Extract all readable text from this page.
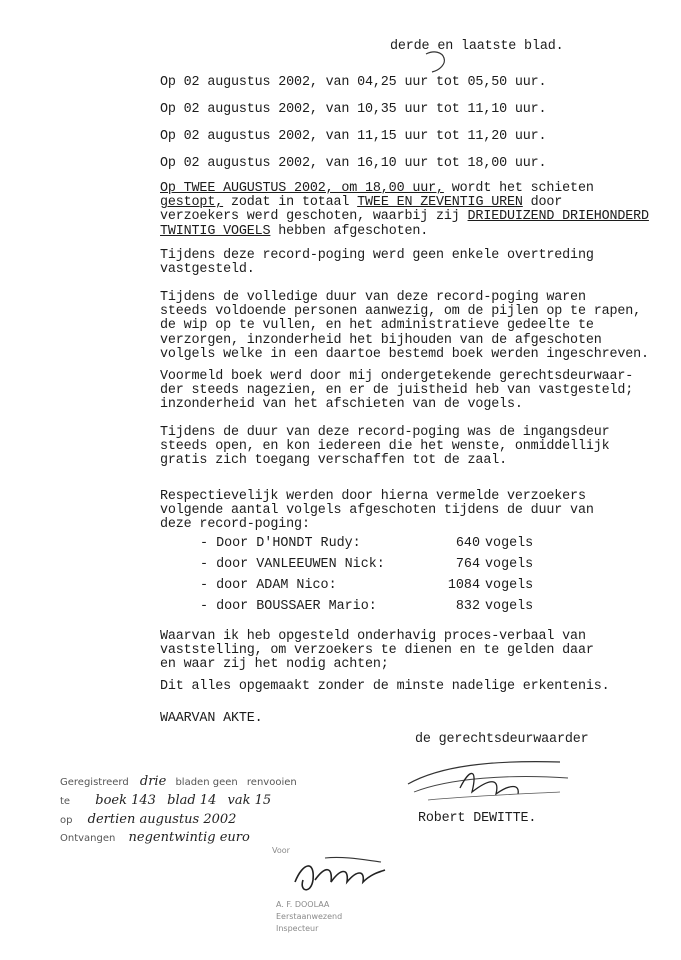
derde en laatste blad.
Op 02 augustus 2002, van 04,25 uur tot 05,50 uur.
Op 02 augustus 2002, van 10,35 uur tot 11,10 uur.
Op 02 augustus 2002, van 11,15 uur tot 11,20 uur.
Op 02 augustus 2002, van 16,10 uur tot 18,00 uur.
Op TWEE AUGUSTUS 2002, om 18,00 uur, wordt het schieten
gestopt, zodat in totaal TWEE EN ZEVENTIG UREN door
verzoekers werd geschoten, waarbij zij DRIEDUIZEND DRIEHONDERD
TWINTIG VOGELS hebben afgeschoten.
Tijdens deze record-poging werd geen enkele overtreding
vastgesteld.
Tijdens de volledige duur van deze record-poging waren
steeds voldoende personen aanwezig, om de pijlen op te rapen,
de wip op te vullen, en het administratieve gedeelte te
verzorgen, inzonderheid het bijhouden van de afgeschoten
volgels welke in een daartoe bestemd boek werden ingeschreven.
Voormeld boek werd door mij ondergetekende gerechtsdeurwaar-
der steeds nagezien, en er de juistheid heb van vastgesteld;
inzonderheid van het afschieten van de vogels.
Tijdens de duur van deze record-poging was de ingangsdeur
steeds open, en kon iedereen die het wenste, onmiddellijk
gratis zich toegang verschaffen tot de zaal.
Respectievelijk werden door hierna vermelde verzoekers
volgende aantal volgels afgeschoten tijdens de duur van
deze record-poging:
- Door D'HONDT Rudy:	640 vogels
- door VANLEEUWEN Nick:	764 vogels
- door ADAM Nico:	1084 vogels
- door BOUSSAER Mario:	832 vogels
Waarvan ik heb opgesteld onderhavig proces-verbaal van
vaststelling, om verzoekers te dienen en te gelden daar
en waar zij het nodig achten;
Dit alles opgemaakt zonder de minste nadelige erkentenis.
WAARVAN AKTE.
de gerechtsdeurwaarder
Robert DEWITTE.
Geregistreerd drie bladen geen renvooien
te boek 143 blad 14 vak 15
op dertien augustus 2002
Ontvangen negentwintig euro
Voor
A. F. DOOLAA
Eerstaanwezend
Inspecteur
